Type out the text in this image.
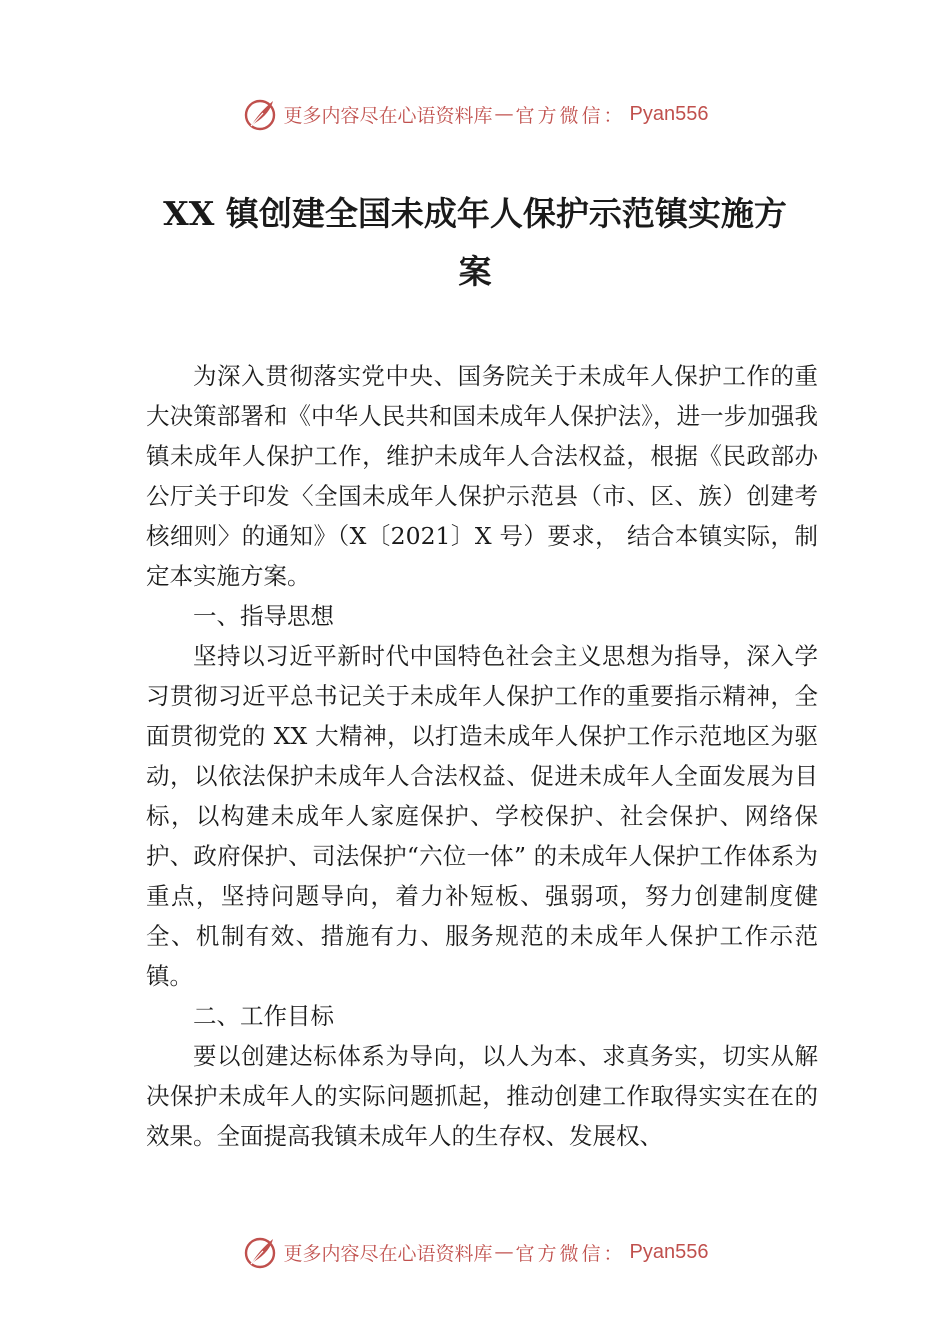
更多内容尽在心语资料库 — 官方微信： Pyan556
XX 镇创建全国未成年人保护示范镇实施方
案

为深入贯彻落实党中央、国务院关于未成年人保护工作的重大决策部署和《中华人民共和国未成年人保护法》，进一步加强我镇未成年人保护工作，维护未成年人合法权益，根据《民政部办公厅关于印发〈全国未成年人保护示范县（市、区、族）创建考核细则〉的通知》（X〔2021〕X 号）要求， 结合本镇实际，制定本实施方案。

一、指导思想

坚持以习近平新时代中国特色社会主义思想为指导，深入学习贯彻习近平总书记关于未成年人保护工作的重要指示精神，全面贯彻党的 XX 大精神，以打造未成年人保护工作示范地区为驱动，以依法保护未成年人合法权益、促进未成年人全面发展为目标，以构建未成年人家庭保护、学校保护、社会保护、网络保护、政府保护、司法保护“六位一体” 的未成年人保护工作体系为重点，坚持问题导向，着力补短板、强弱项，努力创建制度健全、机制有效、措施有力、服务规范的未成年人保护工作示范镇。

二、工作目标

要以创建达标体系为导向，以人为本、求真务实，切实从解决保护未成年人的实际问题抓起，推动创建工作取得实实在在的效果。全面提高我镇未成年人的生存权、发展权、

更多内容尽在心语资料库 — 官方微信： Pyan556
